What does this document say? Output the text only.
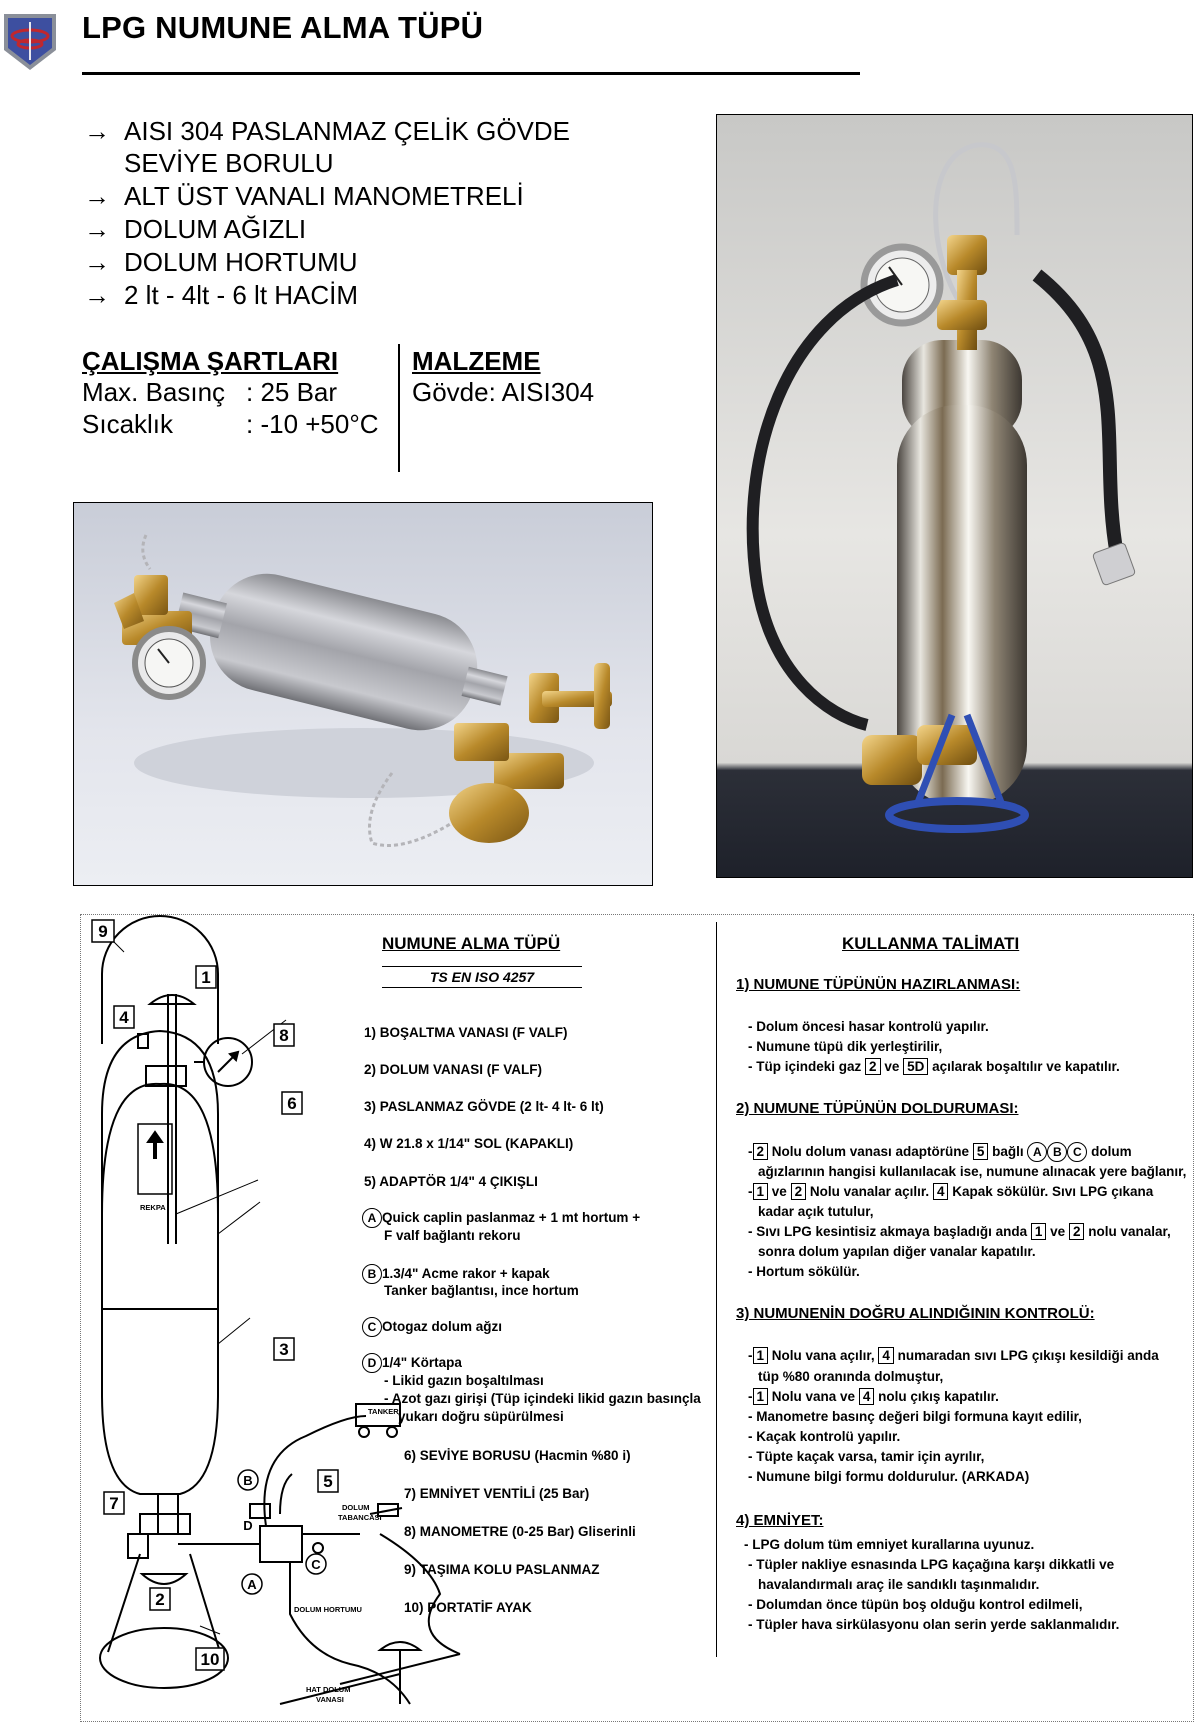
LPG NUMUNE ALMA TÜPÜ
→ AISI 304 PASLANMAZ ÇELİK GÖVDE
SEVİYE BORULU
→ ALT ÜST VANALI MANOMETRELİ
→ DOLUM AĞIZLI
→ DOLUM HORTUMU
→ 2 lt - 4lt - 6 lt HACİM
ÇALIŞMA ŞARTLARI
Max. Basınç : 25 Bar
Sıcaklık	: -10 +50°C
MALZEME
Gövde: AISI304
9
1
4
8
6
3
7
5
2
10
B
A
C
D
TANKER
DOLUM
TABANCASI
DOLUM HORTUMU
HAT DOLUM
VANASI
REKPA
NUMUNE ALMA TÜPÜ
TS EN ISO 4257
1) BOŞALTMA VANASI (F VALF)
2) DOLUM VANASI (F VALF)
3) PASLANMAZ GÖVDE (2 lt- 4 lt- 6 lt)
4) W 21.8 x 1/14" SOL (KAPAKLI)
5) ADAPTÖR 1/4" 4 ÇIKIŞLI
A Quick caplin paslanmaz + 1 mt hortum +
F valf bağlantı rekoru
B 1.3/4" Acme rakor + kapak
Tanker bağlantısı, ince hortum
C Otogaz dolum ağzı
D 1/4" Körtapa
- Likid gazın boşaltılması
- Azot gazı girişi (Tüp içindeki likid gazın basınçla
yukarı doğru süpürülmesi
6) SEVİYE BORUSU (Hacmin %80 i)
7) EMNİYET VENTİLİ (25 Bar)
8) MANOMETRE (0-25 Bar) Gliserinli
9) TAŞIMA KOLU PASLANMAZ
10) PORTATİF AYAK
KULLANMA TALİMATI
1) NUMUNE TÜPÜNÜN HAZIRLANMASI:
- Dolum öncesi hasar kontrolü yapılır.
- Numune tüpü dik yerleştirilir,
- Tüp içindeki gaz 2 ve 5D açılarak boşaltılır ve kapatılır.
2) NUMUNE TÜPÜNÜN DOLDURUMASI:
- 2 Nolu dolum vanası adaptörüne 5 bağlı A B C dolum
ağızlarının hangisi kullanılacak ise, numune alınacak yere bağlanır,
- 1 ve 2 Nolu vanalar açılır. 4 Kapak sökülür. Sıvı LPG çıkana
kadar açık tutulur,
- Sıvı LPG kesintisiz akmaya başladığı anda 1 ve 2 nolu vanalar,
sonra dolum yapılan diğer vanalar kapatılır.
- Hortum sökülür.
3) NUMUNENİN DOĞRU ALINDIĞININ KONTROLÜ:
- 1 Nolu vana açılır, 4 numaradan sıvı LPG çıkışı kesildiği anda
tüp %80 oranında dolmuştur,
- 1 Nolu vana ve 4 nolu çıkış kapatılır.
- Manometre basınç değeri bilgi formuna kayıt edilir,
- Kaçak kontrolü yapılır.
- Tüpte kaçak varsa, tamir için ayrılır,
- Numune bilgi formu doldurulur. (ARKADA)
4) EMNİYET:
- LPG dolum tüm emniyet kurallarına uyunuz.
- Tüpler nakliye esnasında LPG kaçağına karşı dikkatli ve
havalandırmalı araç ile sandıklı taşınmalıdır.
- Dolumdan önce tüpün boş olduğu kontrol edilmeli,
- Tüpler hava sirkülasyonu olan serin yerde saklanmalıdır.
